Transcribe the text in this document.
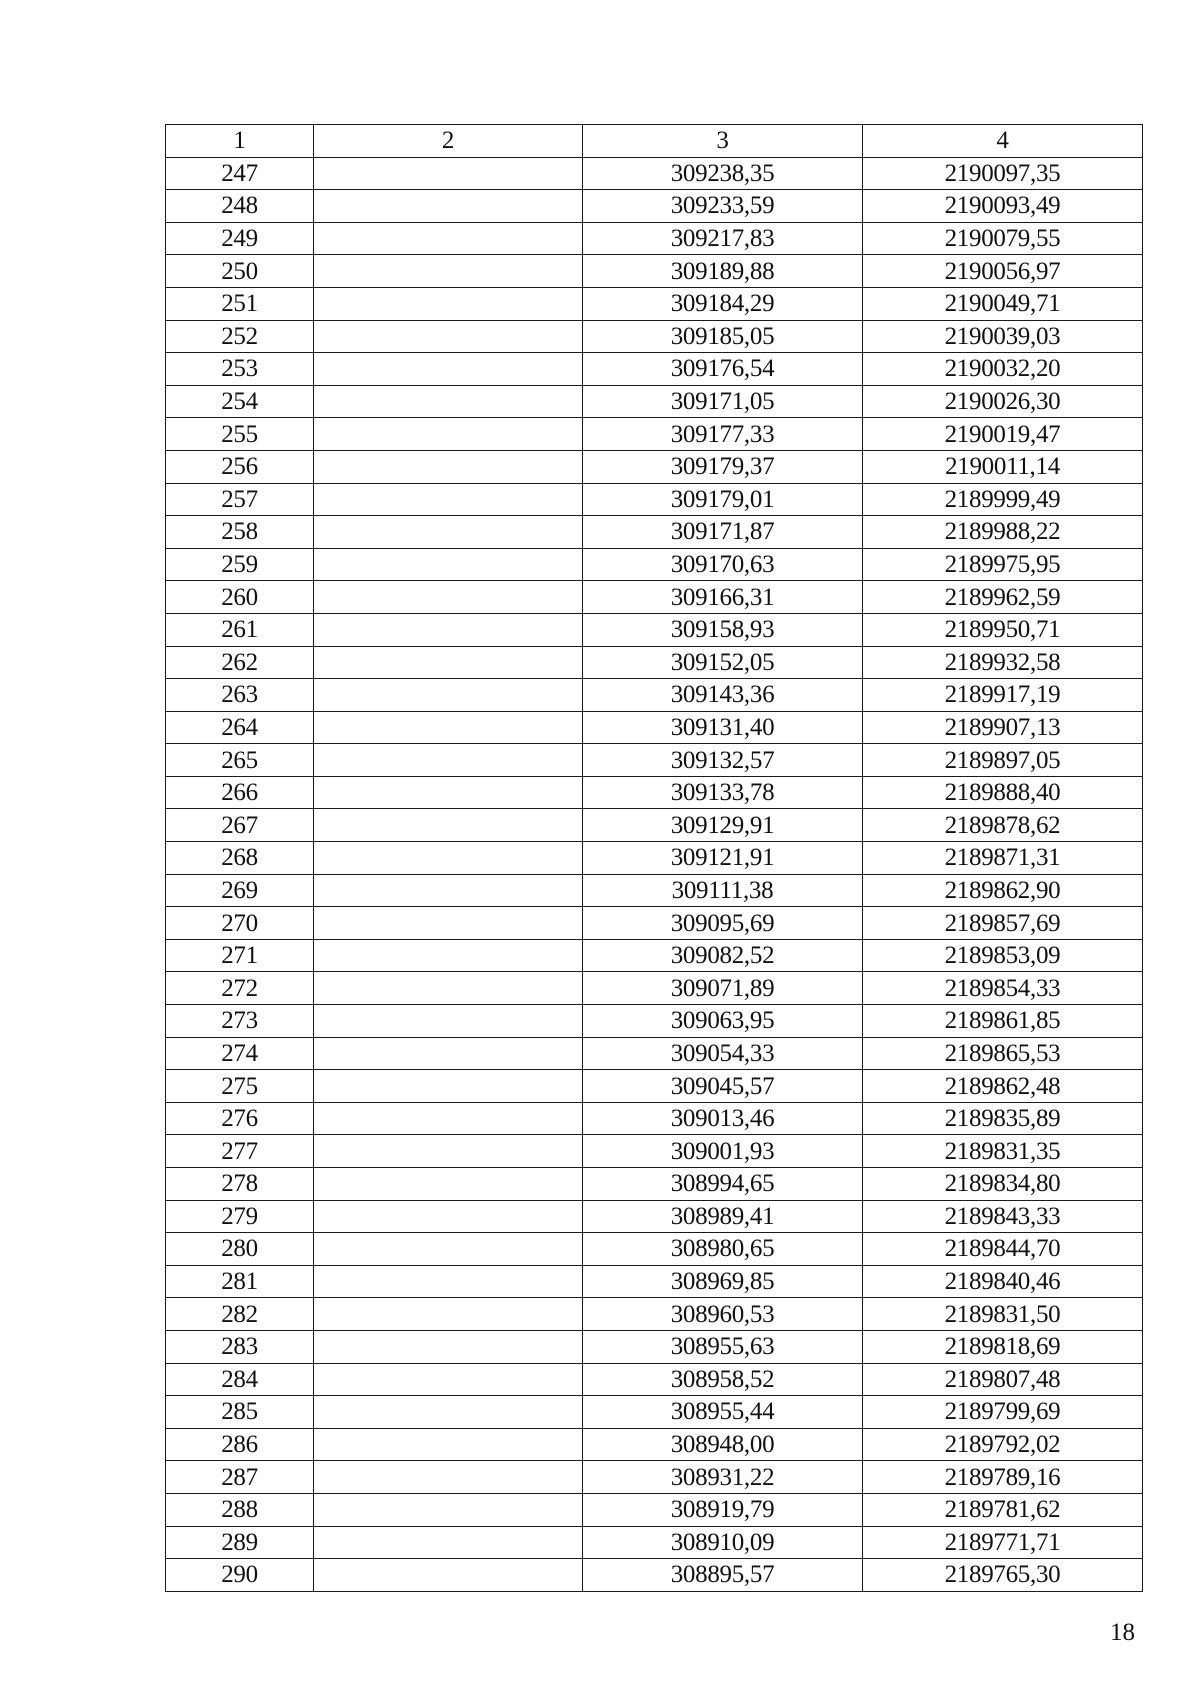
1	2	3	4
247		309238,35	2190097,35
248		309233,59	2190093,49
249		309217,83	2190079,55
250		309189,88	2190056,97
251		309184,29	2190049,71
252		309185,05	2190039,03
253		309176,54	2190032,20
254		309171,05	2190026,30
255		309177,33	2190019,47
256		309179,37	2190011,14
257		309179,01	2189999,49
258		309171,87	2189988,22
259		309170,63	2189975,95
260		309166,31	2189962,59
261		309158,93	2189950,71
262		309152,05	2189932,58
263		309143,36	2189917,19
264		309131,40	2189907,13
265		309132,57	2189897,05
266		309133,78	2189888,40
267		309129,91	2189878,62
268		309121,91	2189871,31
269		309111,38	2189862,90
270		309095,69	2189857,69
271		309082,52	2189853,09
272		309071,89	2189854,33
273		309063,95	2189861,85
274		309054,33	2189865,53
275		309045,57	2189862,48
276		309013,46	2189835,89
277		309001,93	2189831,35
278		308994,65	2189834,80
279		308989,41	2189843,33
280		308980,65	2189844,70
281		308969,85	2189840,46
282		308960,53	2189831,50
283		308955,63	2189818,69
284		308958,52	2189807,48
285		308955,44	2189799,69
286		308948,00	2189792,02
287		308931,22	2189789,16
288		308919,79	2189781,62
289		308910,09	2189771,71
290		308895,57	2189765,30
18
